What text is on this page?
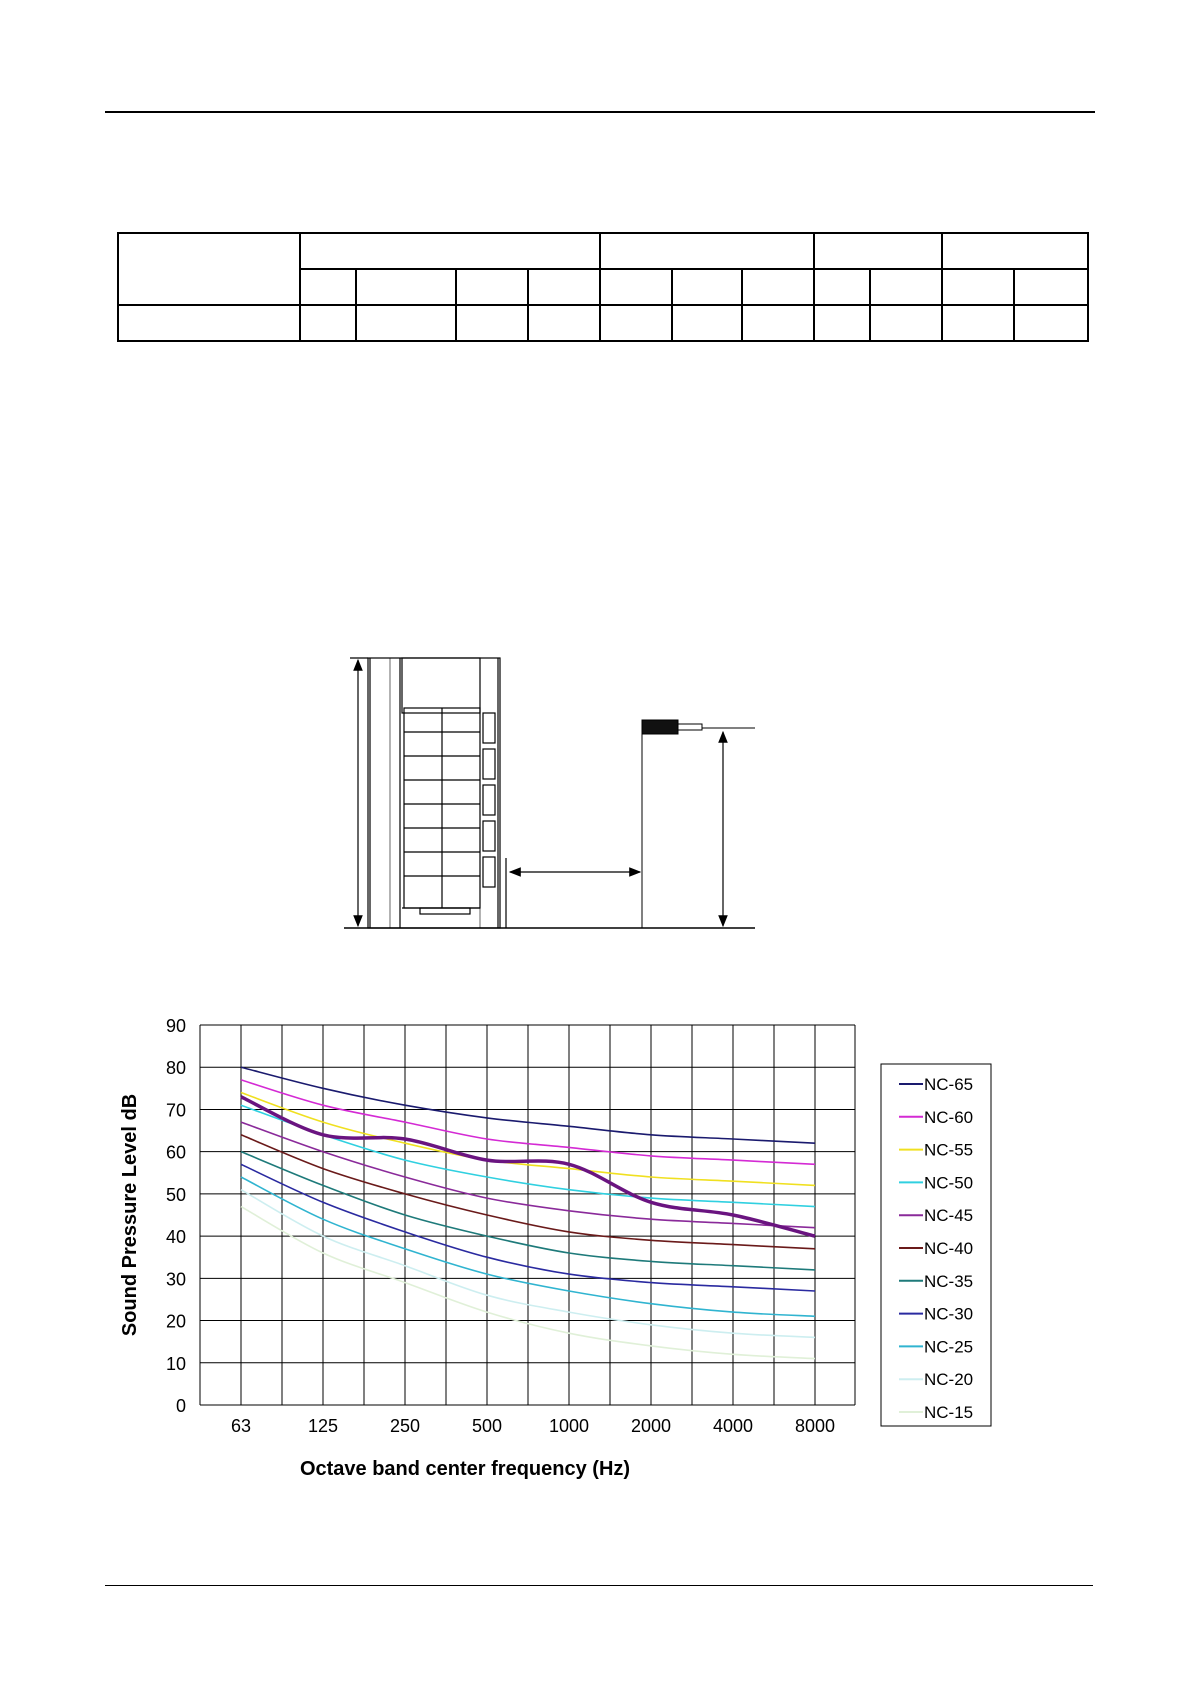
0
10
20
30
40
50
60
70
80
90
63	125	250	500	1000 2000 4000 8000
Sound Pressure Level dB
Octave band center frequency (Hz)
NC-65
NC-60
NC-55
NC-50
NC-45
NC-40
NC-35
NC-30
NC-25
NC-20
NC-15
